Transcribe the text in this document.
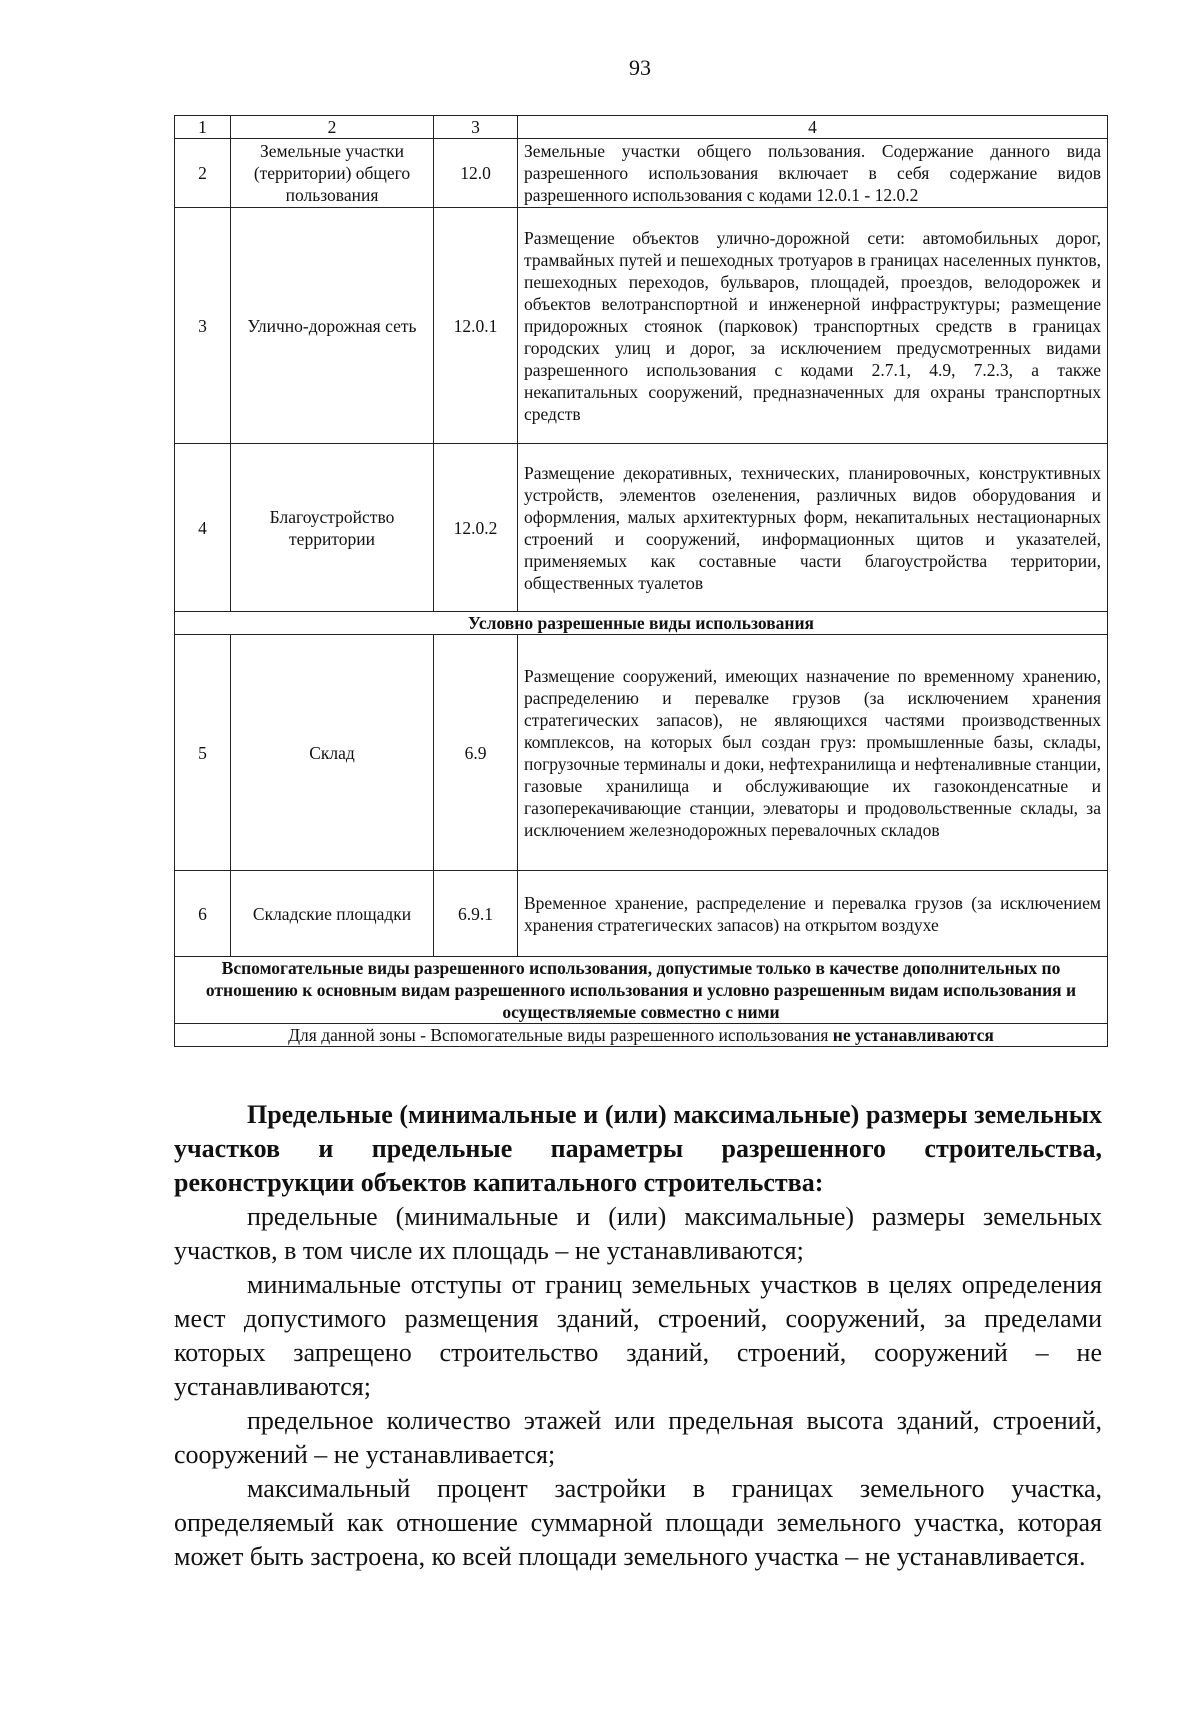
93
1	2	3	4
2	Земельные участки (территории) общего пользования	12.0	Земельные участки общего пользования. Содержание данного вида разрешенного использования включает в себя содержание видов разрешенного использования с кодами 12.0.1 - 12.0.2
3	Улично-дорожная сеть	12.0.1	Размещение объектов улично-дорожной сети: автомобильных дорог, трамвайных путей и пешеходных тротуаров в границах населенных пунктов, пешеходных переходов, бульваров, площадей, проездов, велодорожек и объектов велотранспортной и инженерной инфраструктуры; размещение придорожных стоянок (парковок) транспортных средств в границах городских улиц и дорог, за исключением предусмотренных видами разрешенного использования с кодами 2.7.1, 4.9, 7.2.3, а также некапитальных сооружений, предназначенных для охраны транспортных средств
4	Благоустройство территории	12.0.2	Размещение декоративных, технических, планировочных, конструктивных устройств, элементов озеленения, различных видов оборудования и оформления, малых архитектурных форм, некапитальных нестационарных строений и сооружений, информационных щитов и указателей, применяемых как составные части благоустройства территории, общественных туалетов
Условно разрешенные виды использования			
5	Склад	6.9	Размещение сооружений, имеющих назначение по временному хранению, распределению и перевалке грузов (за исключением хранения стратегических запасов), не являющихся частями производственных комплексов, на которых был создан груз: промышленные базы, склады, погрузочные терминалы и доки, нефтехранилища и нефтеналивные станции, газовые хранилища и обслуживающие их газоконденсатные и газоперекачивающие станции, элеваторы и продовольственные склады, за исключением железнодорожных перевалочных складов
6	Складские площадки	6.9.1	Временное хранение, распределение и перевалка грузов (за исключением хранения стратегических запасов) на открытом воздухе
Вспомогательные виды разрешенного использования, допустимые только в качестве дополнительных по отношению к основным видам разрешенного использования и условно разрешенным видам использования и осуществляемые совместно с ними			
Для данной зоны - Вспомогательные виды разрешенного использования не устанавливаются			

Предельные (минимальные и (или) максимальные) размеры земельных участков и предельные параметры разрешенного строительства, реконструкции объектов капитального строительства:

предельные (минимальные и (или) максимальные) размеры земельных участков, в том числе их площадь – не устанавливаются;

минимальные отступы от границ земельных участков в целях определения мест допустимого размещения зданий, строений, сооружений, за пределами которых запрещено строительство зданий, строений, сооружений – не устанавливаются;

предельное количество этажей или предельная высота зданий, строений, сооружений – не устанавливается;

максимальный процент застройки в границах земельного участка, определяемый как отношение суммарной площади земельного участка, которая может быть застроена, ко всей площади земельного участка – не устанавливается.
